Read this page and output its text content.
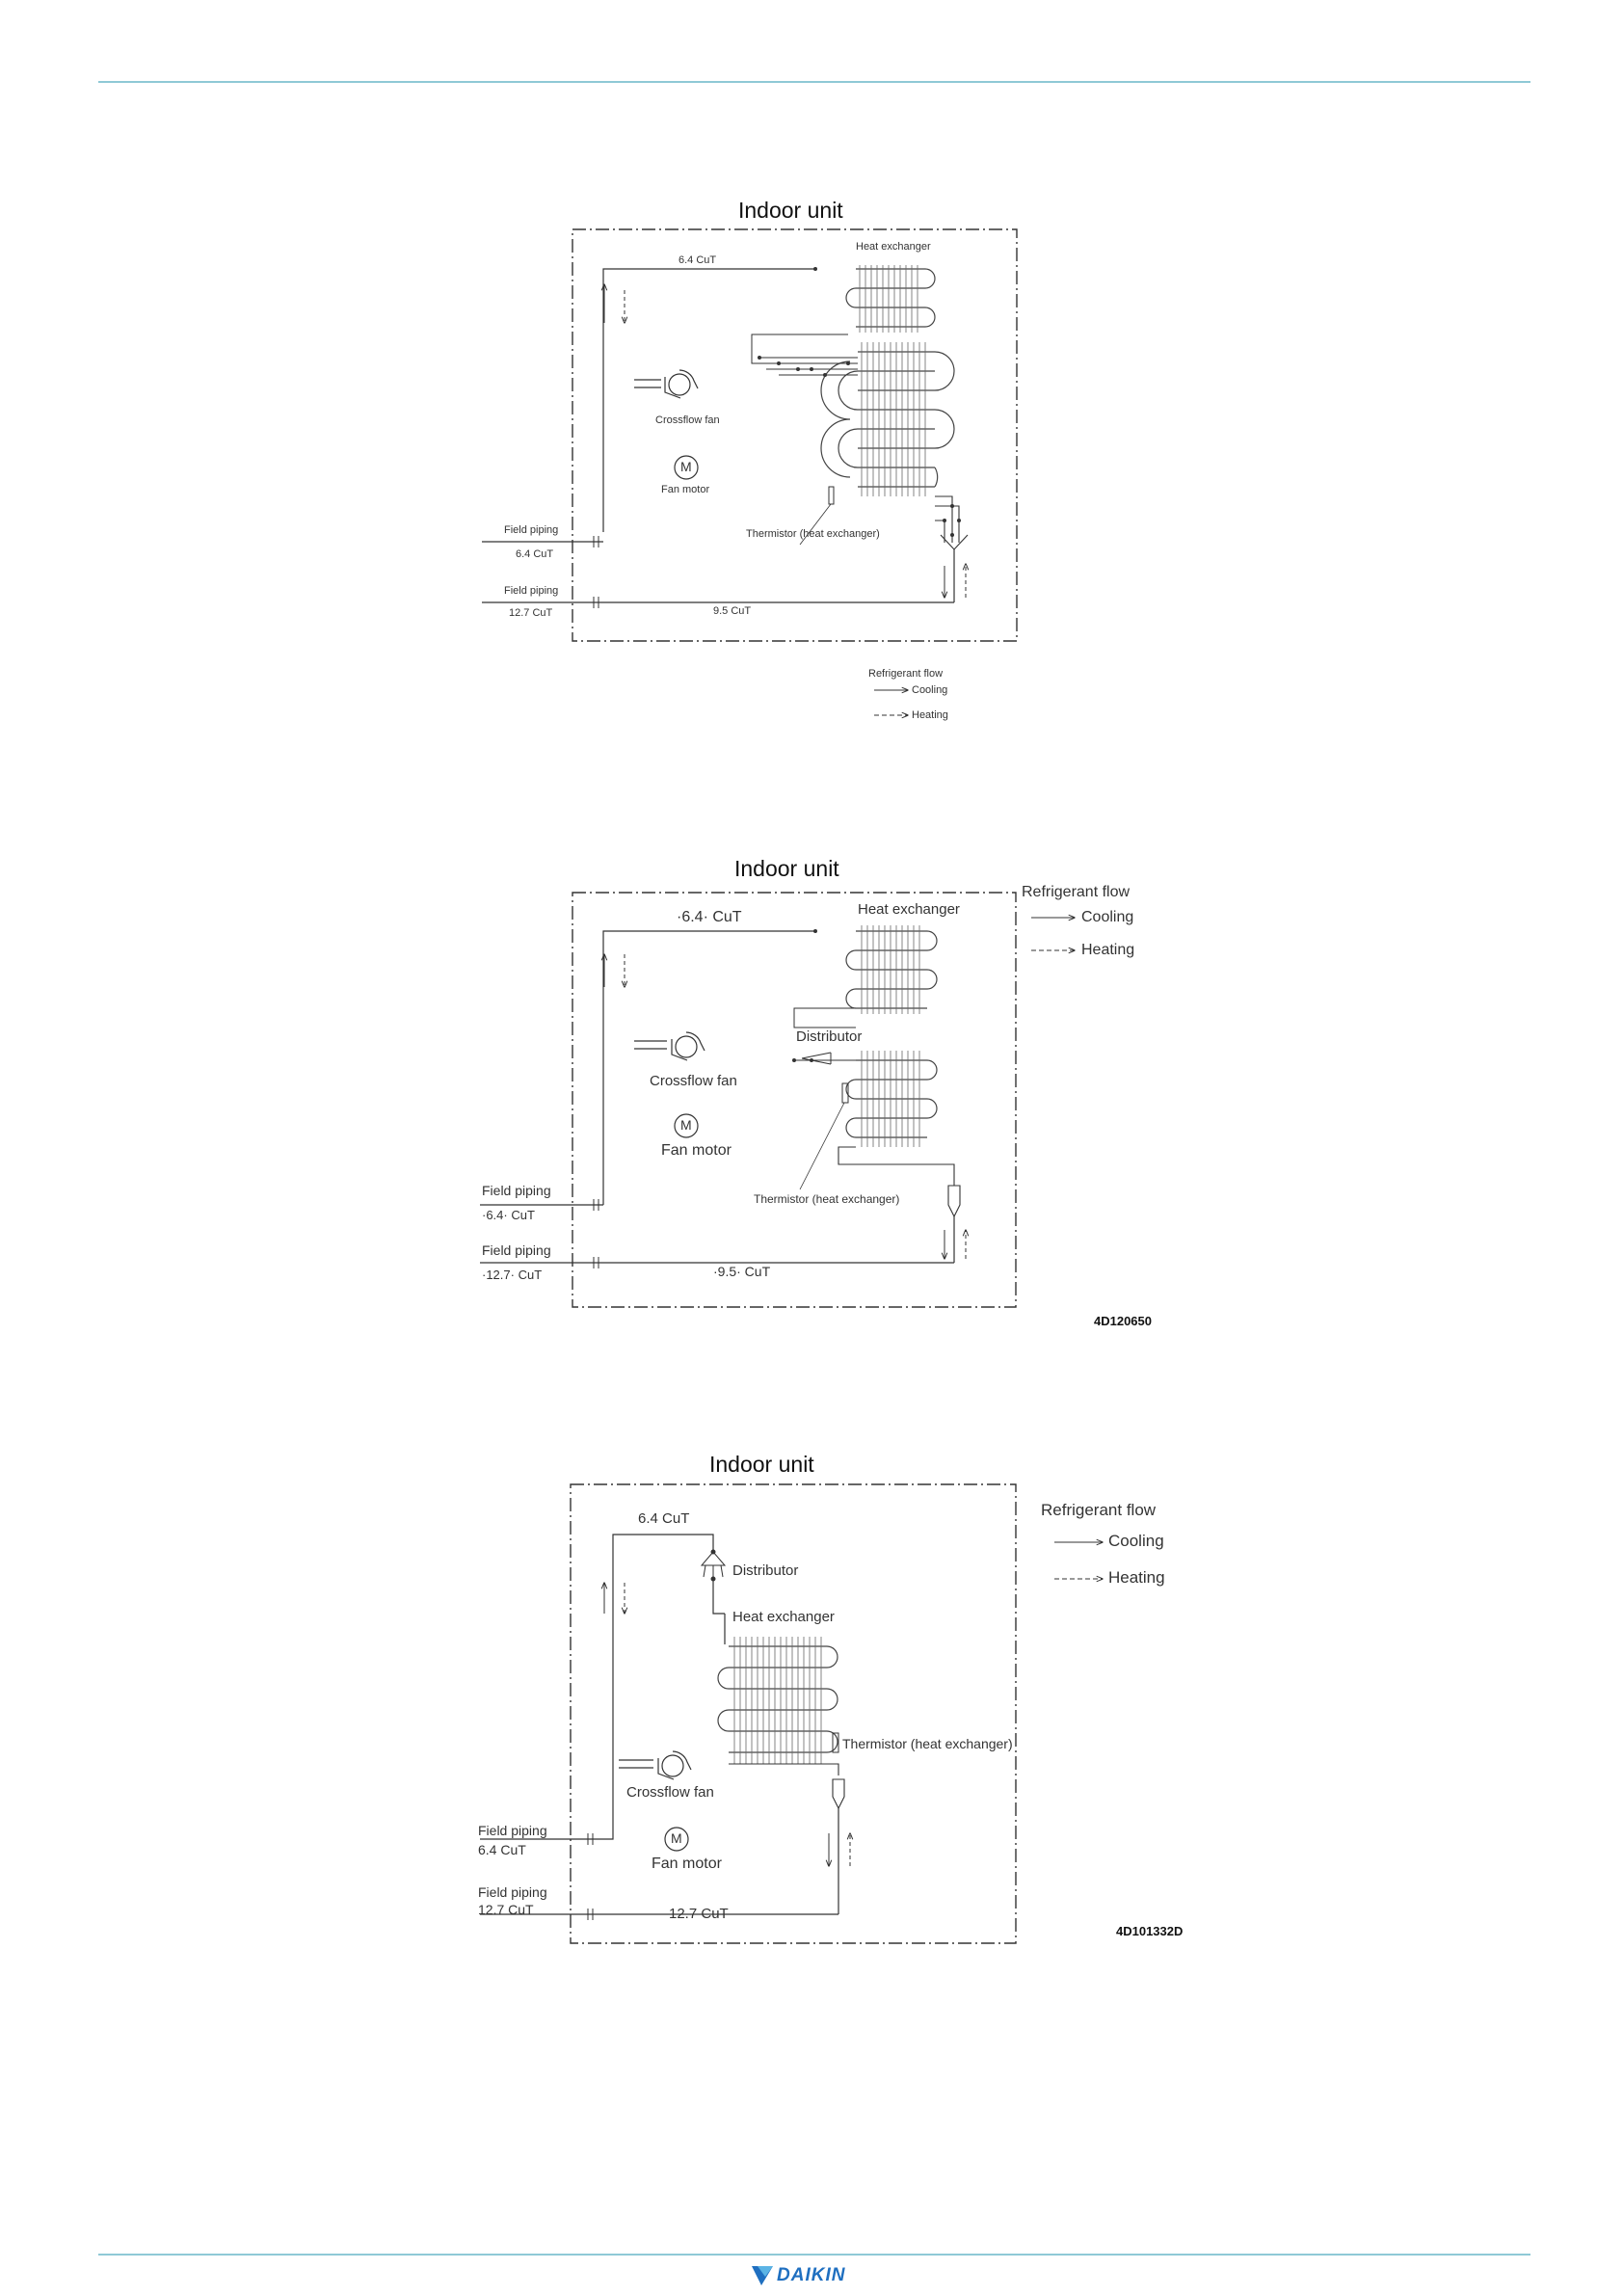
Indoor unit
6.4 CuT
Heat exchanger
Crossflow fan
M
Fan motor
Thermistor (heat exchanger)
Field piping
6.4 CuT
Field piping
12.7 CuT	9.5 CuT
Refrigerant flow
Cooling
Heating
Indoor unit
·6.4· CuT	Heat exchanger
Distributor
Crossflow fan
M
Fan motor
Thermistor (heat exchanger)
Field piping
·6.4· CuT
Field piping
·12.7· CuT	·9.5· CuT
Refrigerant flow
Cooling
Heating
4D120650
Indoor unit
6.4 CuT
Distributor
Heat exchanger
Thermistor (heat exchanger)
Crossflow fan
M
Fan motor
Field piping
6.4 CuT
Field piping
12.7 CuT	12.7 CuT
Refrigerant flow
Cooling
Heating
4D101332D
DAIKIN
